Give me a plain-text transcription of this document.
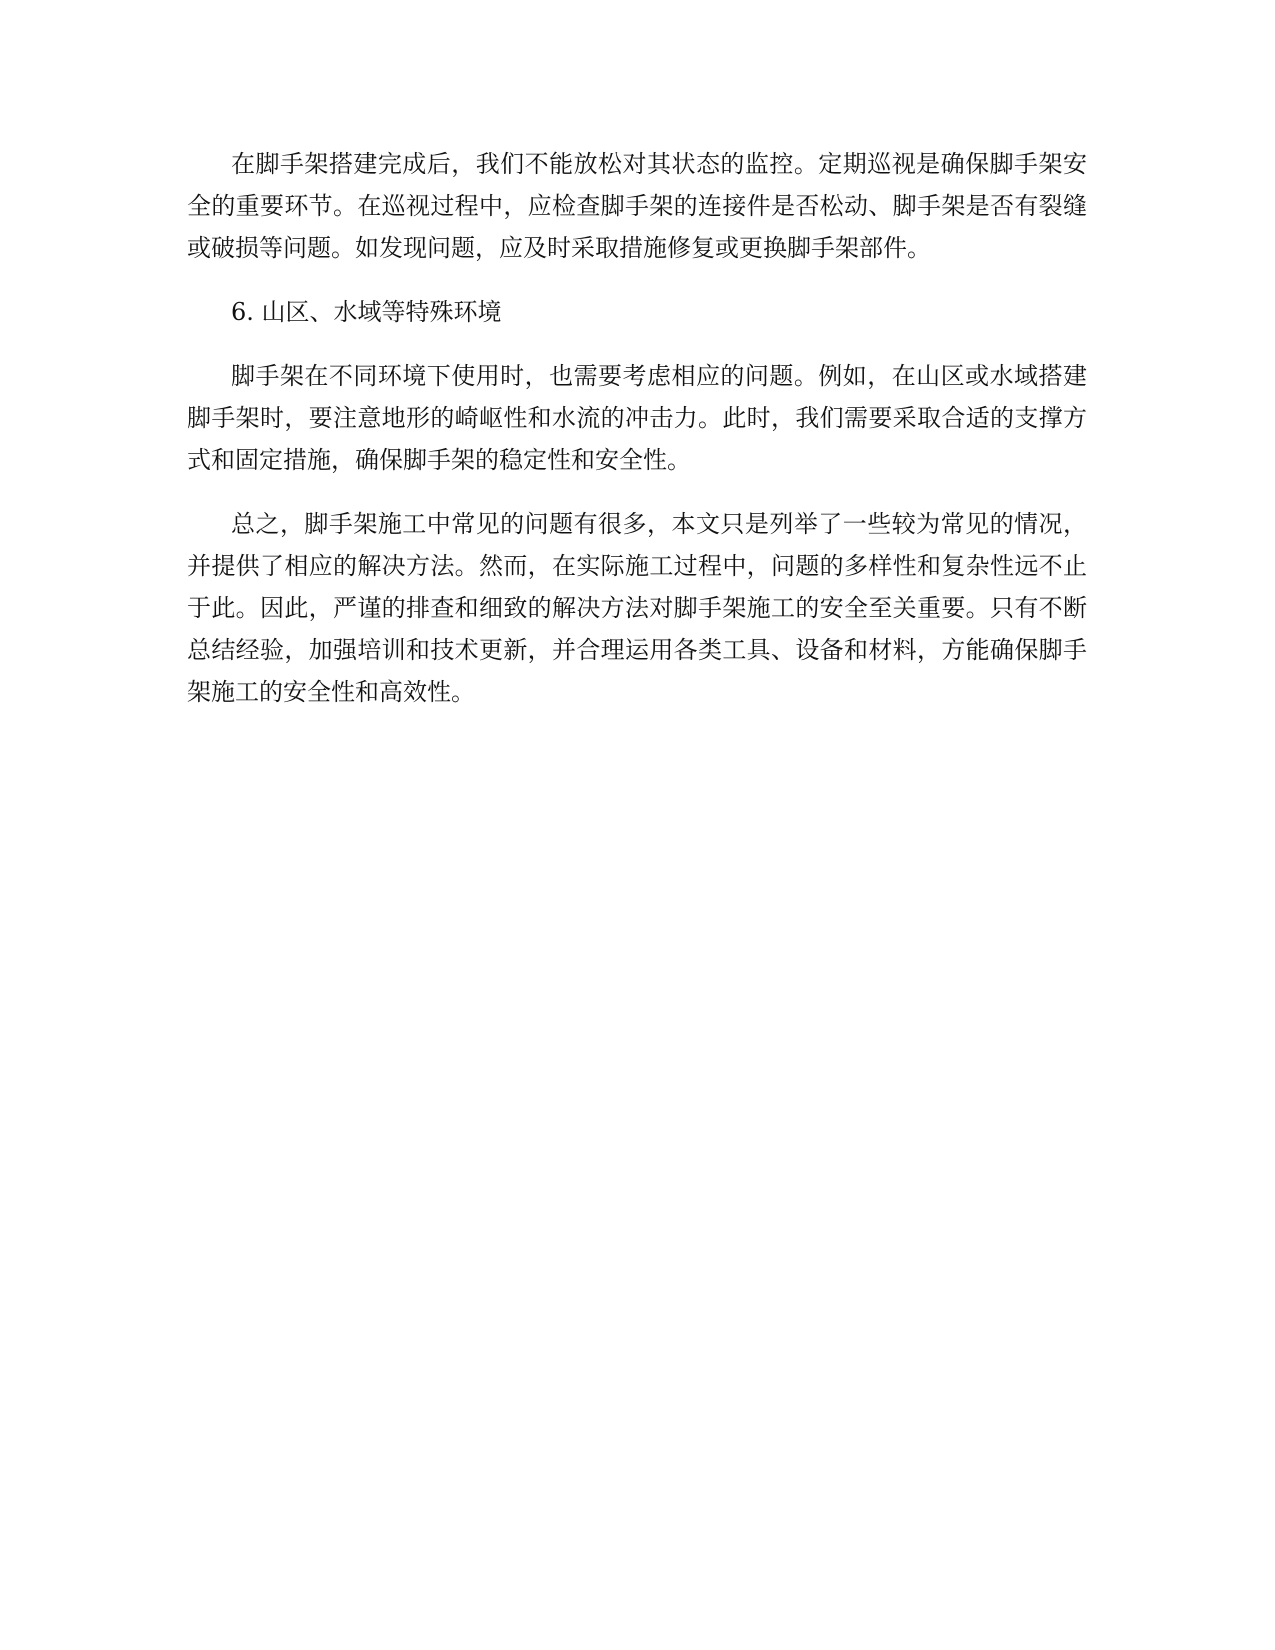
在脚手架搭建完成后，我们不能放松对其状态的监控。定期巡视是确保脚手架安全的重要环节。在巡视过程中，应检查脚手架的连接件是否松动、脚手架是否有裂缝或破损等问题。如发现问题，应及时采取措施修复或更换脚手架部件。

6. 山区、水域等特殊环境

脚手架在不同环境下使用时，也需要考虑相应的问题。例如，在山区或水域搭建脚手架时，要注意地形的崎岖性和水流的冲击力。此时，我们需要采取合适的支撑方式和固定措施，确保脚手架的稳定性和安全性。

总之，脚手架施工中常见的问题有很多，本文只是列举了一些较为常见的情况，并提供了相应的解决方法。然而，在实际施工过程中，问题的多样性和复杂性远不止于此。因此，严谨的排查和细致的解决方法对脚手架施工的安全至关重要。只有不断总结经验，加强培训和技术更新，并合理运用各类工具、设备和材料，方能确保脚手架施工的安全性和高效性。
